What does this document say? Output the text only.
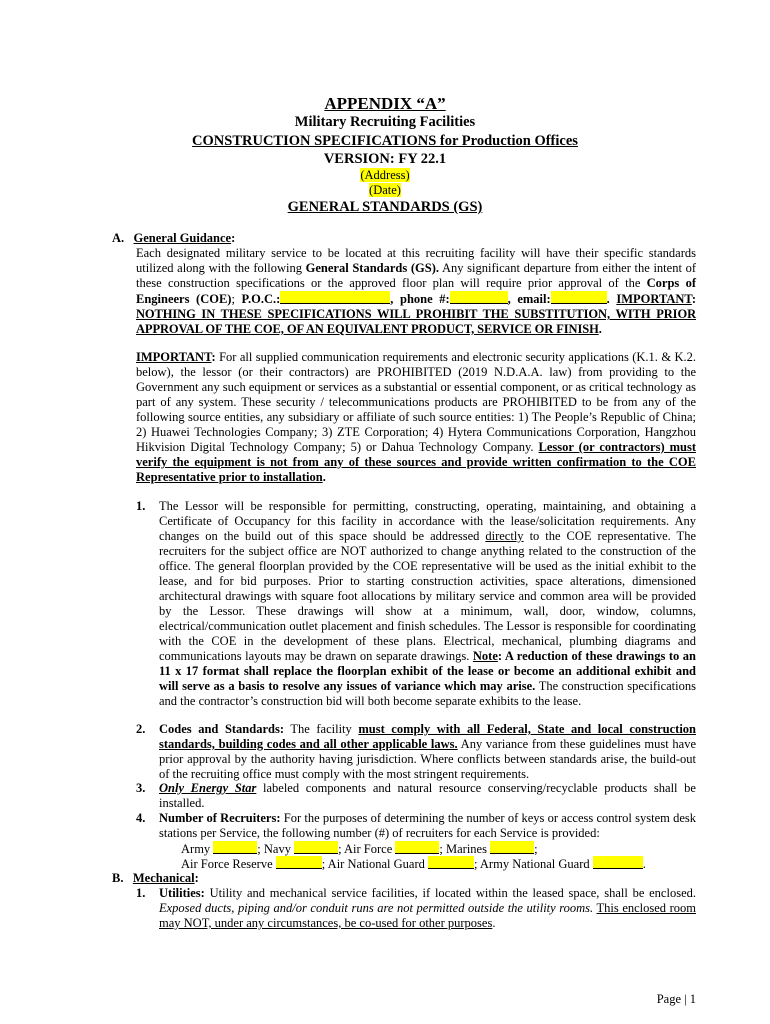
APPENDIX “A”
Military Recruiting Facilities
CONSTRUCTION SPECIFICATIONS for Production Offices
VERSION: FY 22.1
(Address)
(Date)
GENERAL STANDARDS (GS)
A. General Guidance:
Each designated military service to be located at this recruiting facility will have their specific standards utilized along with the following General Standards (GS). Any significant departure from either the intent of these construction specifications or the approved floor plan will require prior approval of the Corps of Engineers (COE); P.O.C.:	, phone #:	, email:	. IMPORTANT: NOTHING IN THESE SPECIFICATIONS WILL PROHIBIT THE SUBSTITUTION, WITH PRIOR APPROVAL OF THE COE, OF AN EQUIVALENT PRODUCT, SERVICE OR FINISH.
IMPORTANT: For all supplied communication requirements and electronic security applications (K.1. & K.2. below), the lessor (or their contractors) are PROHIBITED (2019 N.D.A.A. law) from providing to the Government any such equipment or services as a substantial or essential component, or as critical technology as part of any system. These security / telecommunications products are PROHIBITED to be from any of the following source entities, any subsidiary or affiliate of such source entities: 1) The People’s Republic of China; 2) Huawei Technologies Company; 3) ZTE Corporation; 4) Hytera Communications Corporation, Hangzhou Hikvision Digital Technology Company; 5) or Dahua Technology Company. Lessor (or contractors) must verify the equipment is not from any of these sources and provide written confirmation to the COE Representative prior to installation.
1. The Lessor will be responsible for permitting, constructing, operating, maintaining, and obtaining a Certificate of Occupancy for this facility in accordance with the lease/solicitation requirements. Any changes on the build out of this space should be addressed directly to the COE representative. The recruiters for the subject office are NOT authorized to change anything related to the construction of the office. The general floorplan provided by the COE representative will be used as the initial exhibit to the lease, and for bid purposes. Prior to starting construction activities, space alterations, dimensioned architectural drawings with square foot allocations by military service and common area will be provided by the Lessor. These drawings will show at a minimum, wall, door, window, columns, electrical/communication outlet placement and finish schedules. The Lessor is responsible for coordinating with the COE in the development of these plans. Electrical, mechanical, plumbing diagrams and communications layouts may be drawn on separate drawings. Note: A reduction of these drawings to an 11 x 17 format shall replace the floorplan exhibit of the lease or become an additional exhibit and will serve as a basis to resolve any issues of variance which may arise. The construction specifications and the contractor’s construction bid will both become separate exhibits to the lease.
2. Codes and Standards: The facility must comply with all Federal, State and local construction standards, building codes and all other applicable laws. Any variance from these guidelines must have prior approval by the authority having jurisdiction. Where conflicts between standards arise, the build-out of the recruiting office must comply with the most stringent requirements.
3. Only Energy Star labeled components and natural resource conserving/recyclable products shall be installed.
4. Number of Recruiters: For the purposes of determining the number of keys or access control system desk stations per Service, the following number (#) of recruiters for each Service is provided:
Army	; Navy	; Air Force	; Marines	;
Air Force Reserve	; Air National Guard	; Army National Guard	.
B. Mechanical:
1. Utilities: Utility and mechanical service facilities, if located within the leased space, shall be enclosed. Exposed ducts, piping and/or conduit runs are not permitted outside the utility rooms. This enclosed room may NOT, under any circumstances, be co-used for other purposes.
Page | 1
